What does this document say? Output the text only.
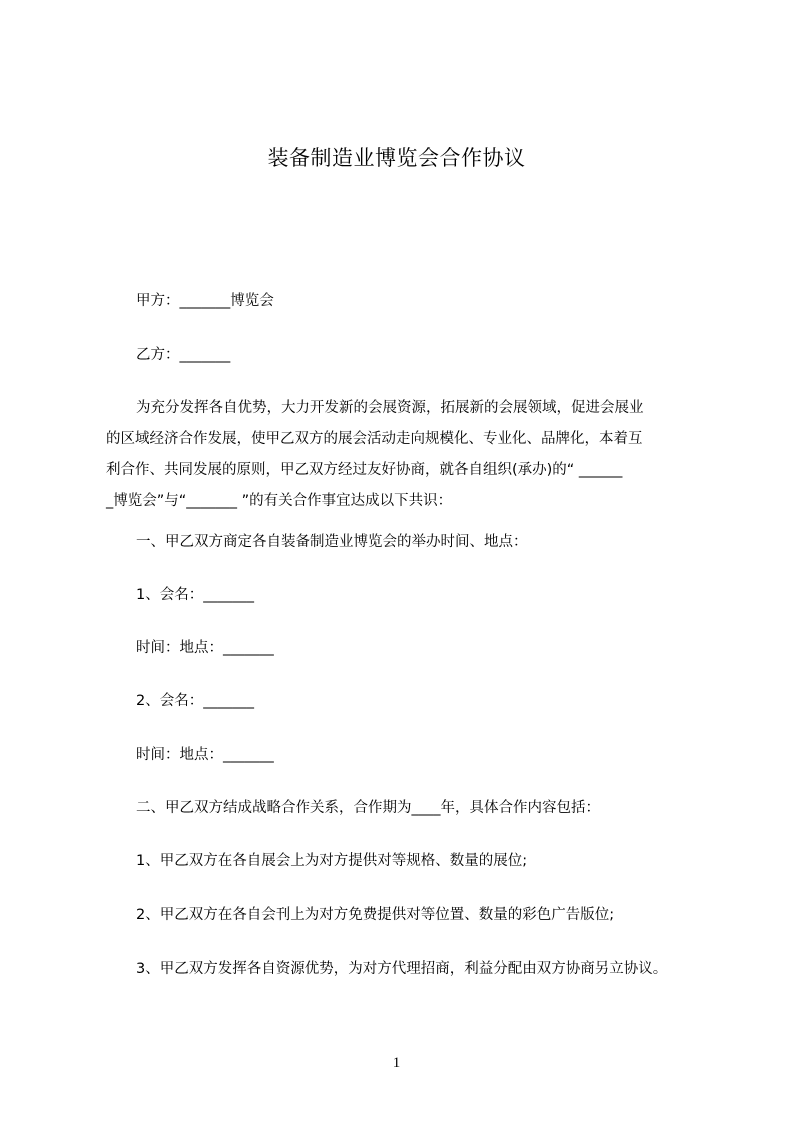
装备制造业博览会合作协议
甲方：_______博览会
乙方：_______

为充分发挥各自优势，大力开发新的会展资源，拓展新的会展领域，促进会展业

的区域经济合作发展，使甲乙双方的展会活动走向规模化、专业化、品牌化，本着互

利合作、共同发展的原则，甲乙双方经过友好协商，就各自组织(承办)的“ ______

_博览会”与“_______ ”的有关合作事宜达成以下共识：

一、甲乙双方商定各自装备制造业博览会的举办时间、地点：
1、会名：_______
时间：地点：_______
2、会名：_______
时间：地点：_______
二、甲乙双方结成战略合作关系，合作期为____年，具体合作内容包括：
1、甲乙双方在各自展会上为对方提供对等规格、数量的展位;
2、甲乙双方在各自会刊上为对方免费提供对等位置、数量的彩色广告版位;
3、甲乙双方发挥各自资源优势，为对方代理招商，利益分配由双方协商另立协议。
1
